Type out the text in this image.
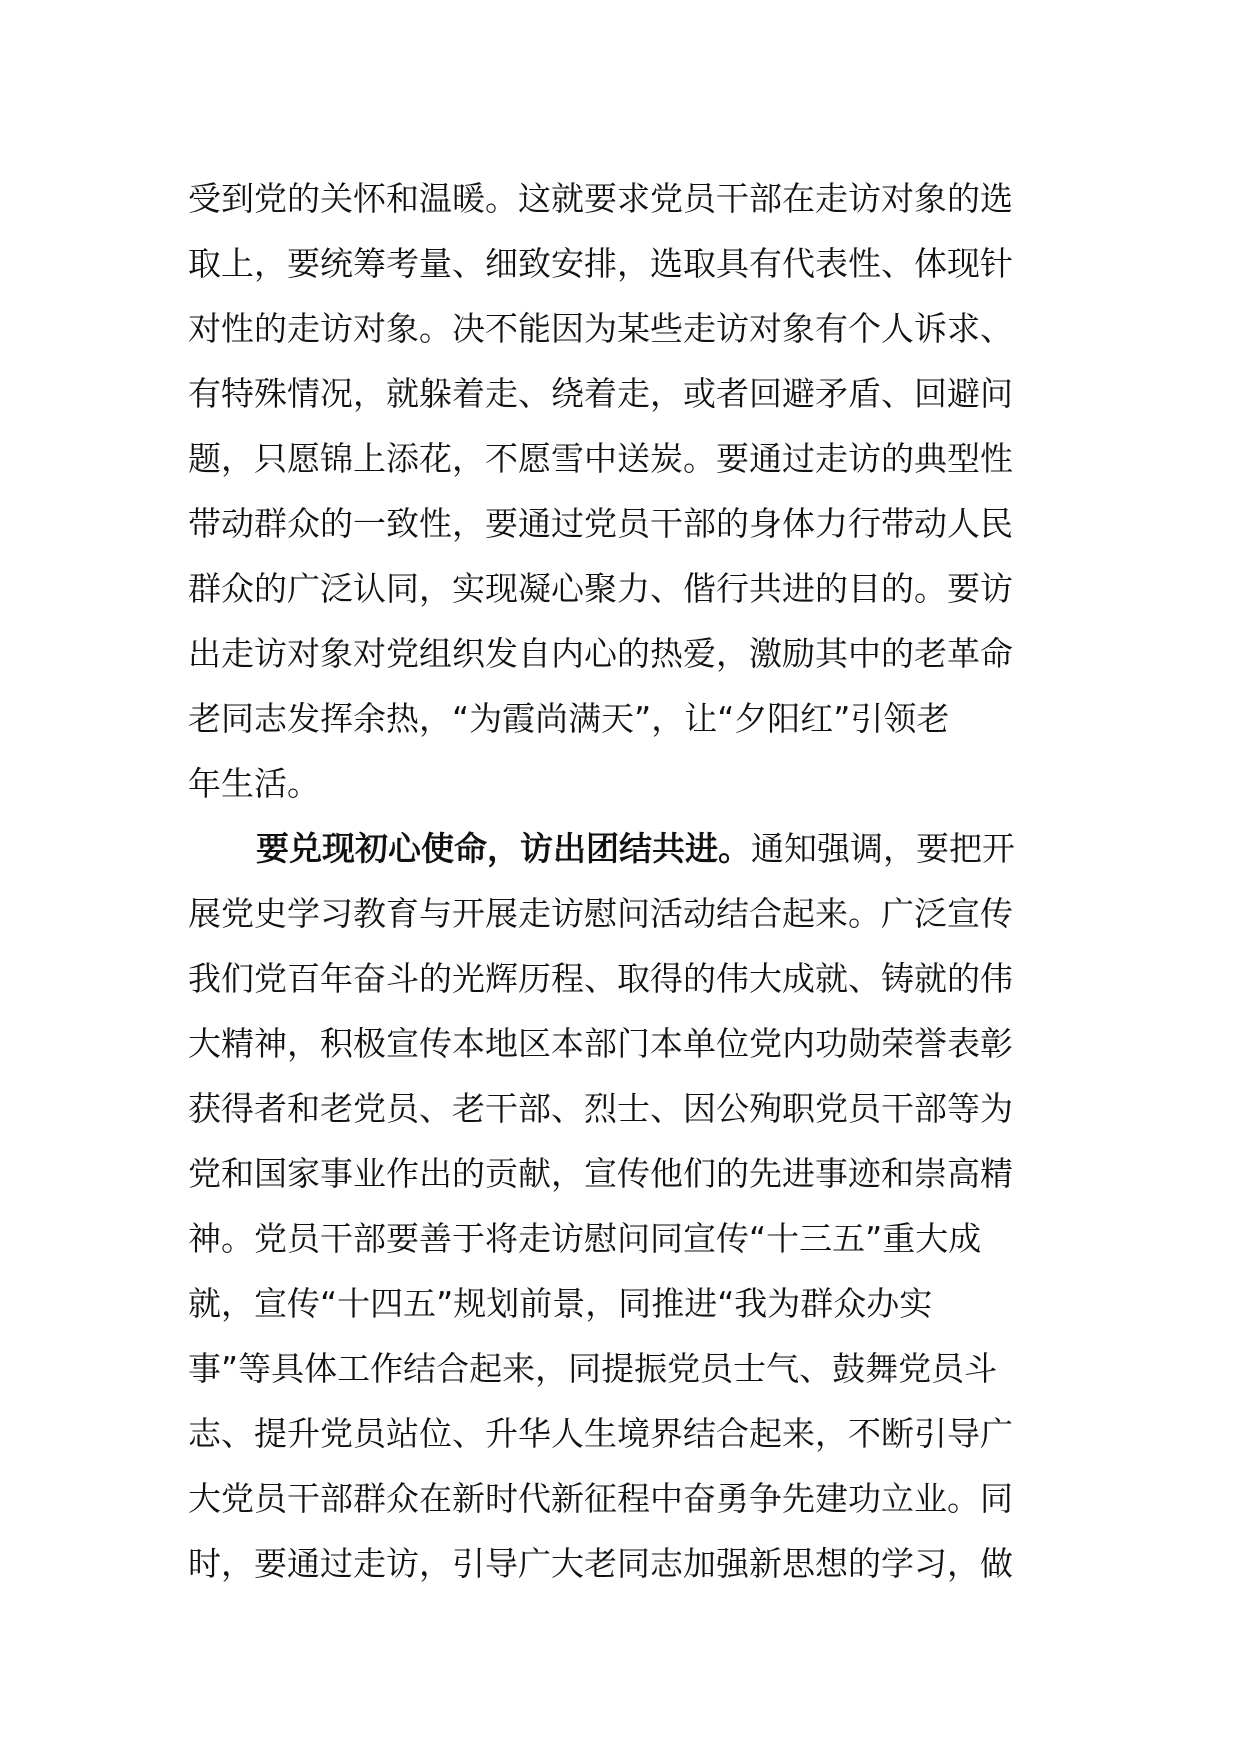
受到党的关怀和温暖。这就要求党员干部在走访对象的选
取上，要统筹考量、细致安排，选取具有代表性、体现针
对性的走访对象。决不能因为某些走访对象有个人诉求、
有特殊情况，就躲着走、绕着走，或者回避矛盾、回避问
题，只愿锦上添花，不愿雪中送炭。要通过走访的典型性
带动群众的一致性，要通过党员干部的身体力行带动人民
群众的广泛认同，实现凝心聚力、偕行共进的目的。要访
出走访对象对党组织发自内心的热爱，激励其中的老革命
老同志发挥余热，“为霞尚满天”，让“夕阳红”引领老
年生活。
要兑现初心使命，访出团结共进。通知强调，要把开
展党史学习教育与开展走访慰问活动结合起来。广泛宣传
我们党百年奋斗的光辉历程、取得的伟大成就、铸就的伟
大精神，积极宣传本地区本部门本单位党内功勋荣誉表彰
获得者和老党员、老干部、烈士、因公殉职党员干部等为
党和国家事业作出的贡献，宣传他们的先进事迹和崇高精
神。党员干部要善于将走访慰问同宣传“十三五”重大成
就，宣传“十四五”规划前景，同推进“我为群众办实
事”等具体工作结合起来，同提振党员士气、鼓舞党员斗
志、提升党员站位、升华人生境界结合起来，不断引导广
大党员干部群众在新时代新征程中奋勇争先建功立业。同
时，要通过走访，引导广大老同志加强新思想的学习，做
